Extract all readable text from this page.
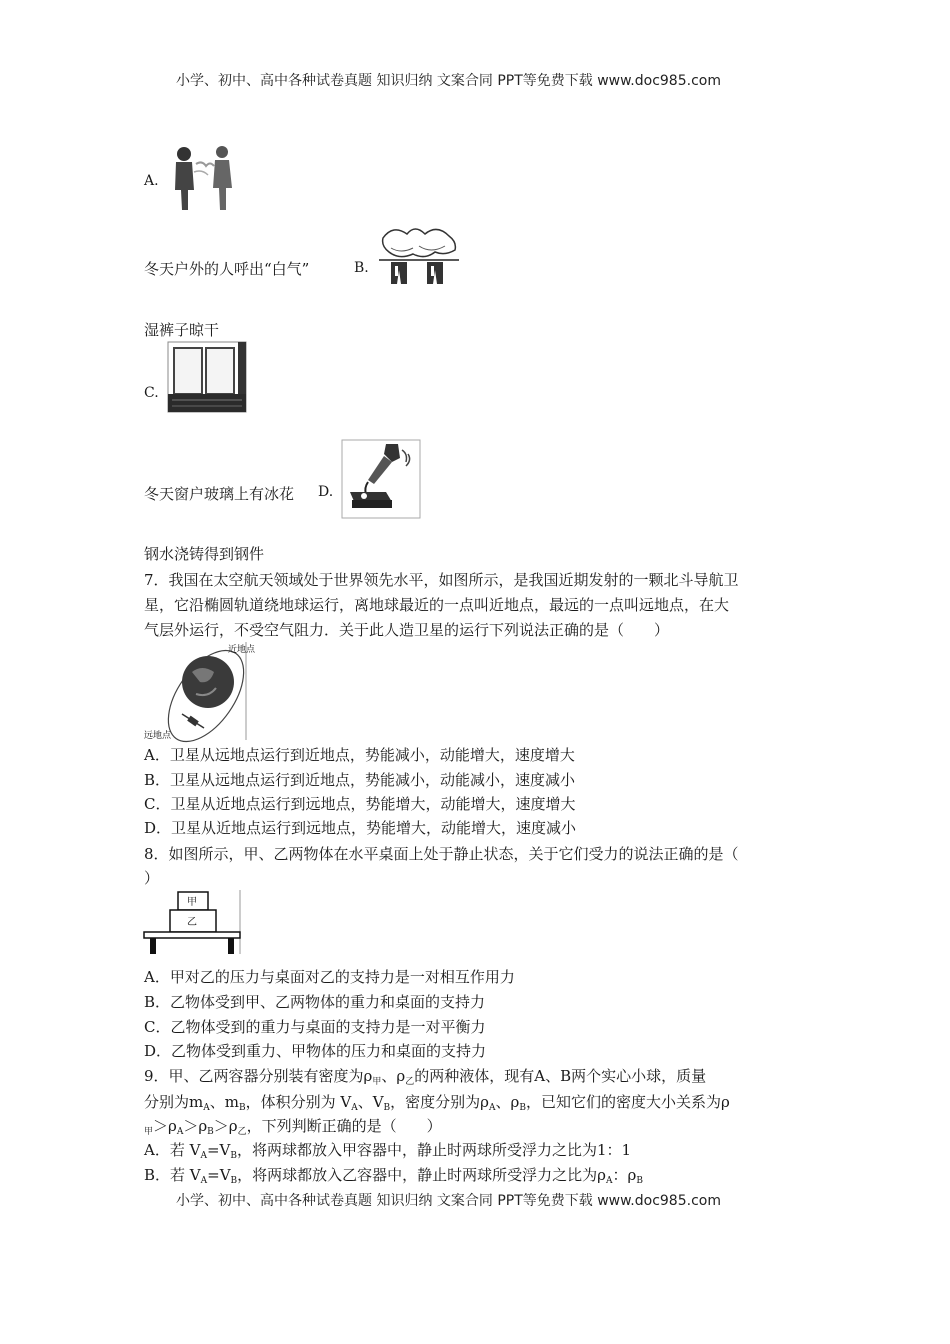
小学、初中、高中各种试卷真题 知识归纳 文案合同 PPT等免费下载 www.doc985.com
A.
冬天户外的人呼出“白气”	B.
湿裤子晾干
C.
冬天窗户玻璃上有冰花 D.
钢水浇铸得到钢件
7．我国在太空航天领域处于世界领先水平，如图所示，是我国近期发射的一颗北斗导航卫
星，它沿椭圆轨道绕地球运行，离地球最近的一点叫近地点，最远的一点叫远地点，在大
气层外运行，不受空气阻力．关于此人造卫星的运行下列说法正确的是（　　）
近地点
远地点
A．卫星从远地点运行到近地点，势能减小，动能增大，速度增大
B．卫星从远地点运行到近地点，势能减小，动能减小，速度减小
C．卫星从近地点运行到远地点，势能增大，动能增大，速度增大
D．卫星从近地点运行到远地点，势能增大，动能增大，速度减小
8．如图所示，甲、乙两物体在水平桌面上处于静止状态，关于它们受力的说法正确的是（
）
甲
乙
A．甲对乙的压力与桌面对乙的支持力是一对相互作用力
B．乙物体受到甲、乙两物体的重力和桌面的支持力
C．乙物体受到的重力与桌面的支持力是一对平衡力
D．乙物体受到重力、甲物体的压力和桌面的支持力
9．甲、乙两容器分别装有密度为$\rho_甲$、$\rho_乙$的两种液体，现有A、B两个实心小球，质量
分别为$m_A$、$m_B$，体积分别为 $V_A$、$V_B$，密度分别为$\rho_A$、$\rho_B$，已知它们的密度大小关系为ρ
$_甲>\rho_A>\rho_B>\rho_乙$，下列判断正确的是（　　）
A．若 $V_A=V_B$，将两球都放入甲容器中，静止时两球所受浮力之比为1：1
B．若 $V_A=V_B$，将两球都放入乙容器中，静止时两球所受浮力之比为$\rho_A$：$\rho_B$
小学、初中、高中各种试卷真题 知识归纳 文案合同 PPT等免费下载 www.doc985.com
